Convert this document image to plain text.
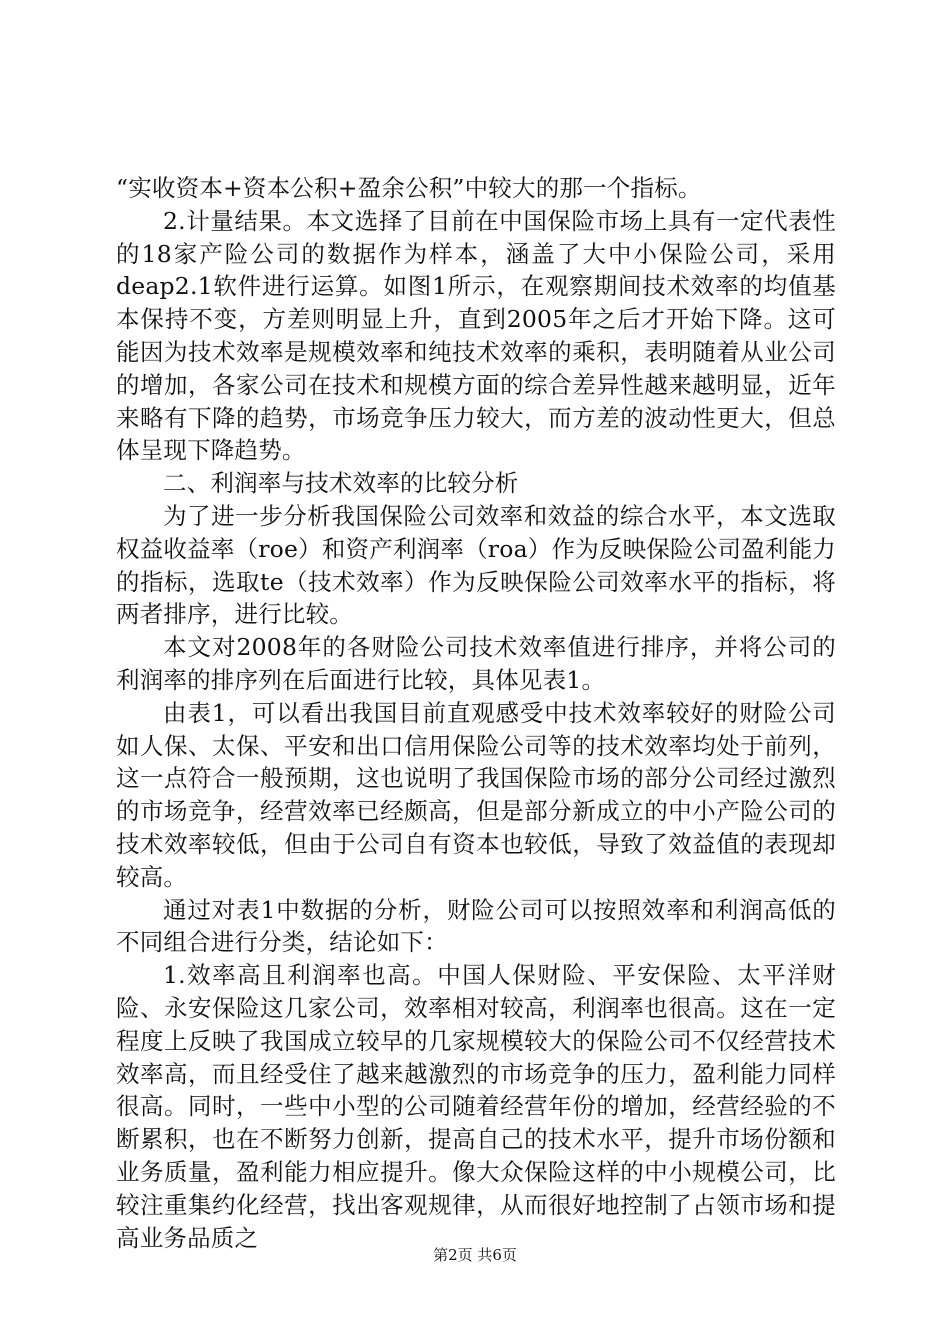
“实收资本+资本公积+盈余公积”中较大的那一个指标。

2.计量结果。本文选择了目前在中国保险市场上具有一定代表性的18家产险公司的数据作为样本，涵盖了大中小保险公司，采用deap2.1软件进行运算。如图1所示，在观察期间技术效率的均值基本保持不变，方差则明显上升，直到2005年之后才开始下降。这可能因为技术效率是规模效率和纯技术效率的乘积，表明随着从业公司的增加，各家公司在技术和规模方面的综合差异性越来越明显，近年来略有下降的趋势，市场竞争压力较大，而方差的波动性更大，但总体呈现下降趋势。

二、利润率与技术效率的比较分析

为了进一步分析我国保险公司效率和效益的综合水平，本文选取权益收益率（roe）和资产利润率（roa）作为反映保险公司盈利能力的指标，选取te（技术效率）作为反映保险公司效率水平的指标，将两者排序，进行比较。

本文对2008年的各财险公司技术效率值进行排序，并将公司的利润率的排序列在后面进行比较，具体见表1。

由表1，可以看出我国目前直观感受中技术效率较好的财险公司如人保、太保、平安和出口信用保险公司等的技术效率均处于前列，这一点符合一般预期，这也说明了我国保险市场的部分公司经过激烈的市场竞争，经营效率已经颇高，但是部分新成立的中小产险公司的技术效率较低，但由于公司自有资本也较低，导致了效益值的表现却较高。

通过对表1中数据的分析，财险公司可以按照效率和利润高低的不同组合进行分类，结论如下：

1.效率高且利润率也高。中国人保财险、平安保险、太平洋财险、永安保险这几家公司，效率相对较高，利润率也很高。这在一定程度上反映了我国成立较早的几家规模较大的保险公司不仅经营技术效率高，而且经受住了越来越激烈的市场竞争的压力，盈利能力同样很高。同时，一些中小型的公司随着经营年份的增加，经营经验的不断累积，也在不断努力创新，提高自己的技术水平，提升市场份额和业务质量，盈利能力相应提升。像大众保险这样的中小规模公司，比较注重集约化经营，找出客观规律，从而很好地控制了占领市场和提高业务品质之

第2页 共6页
